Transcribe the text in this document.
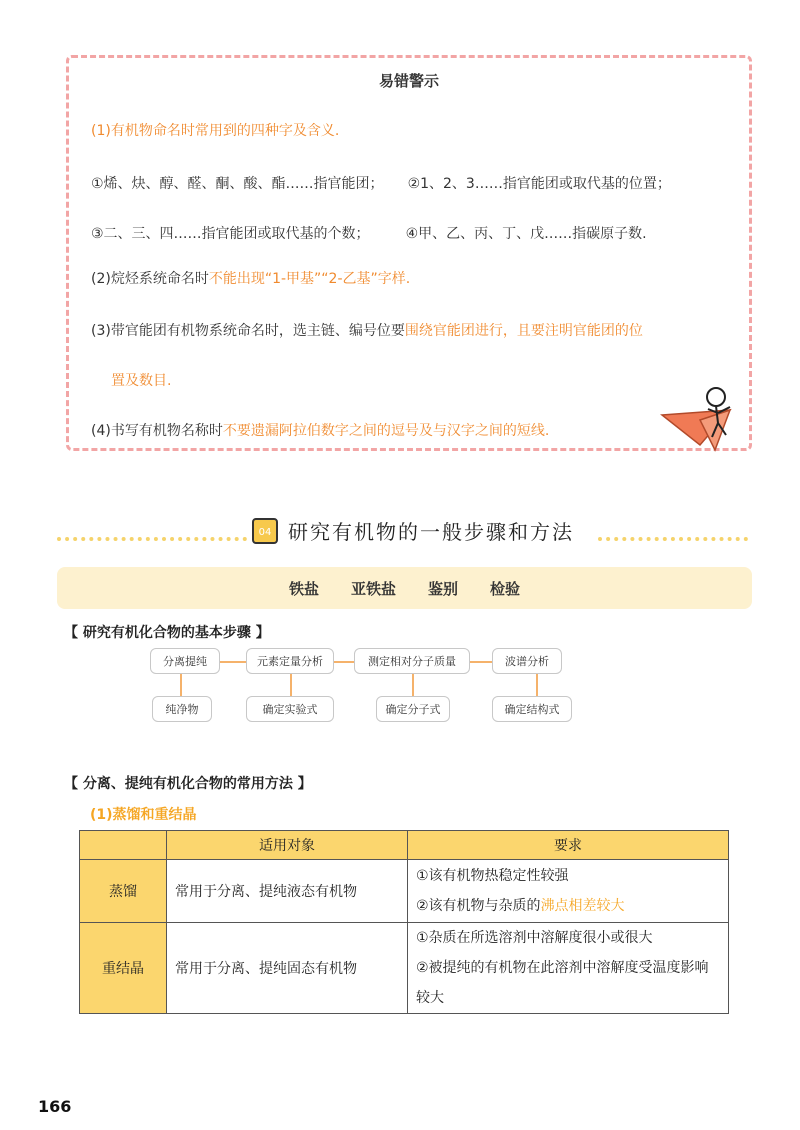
易错警示
(1)有机物命名时常用到的四种字及含义.
①烯、炔、醇、醛、酮、酸、酯……指官能团； ②1、2、3……指官能团或取代基的位置；
③二、三、四……指官能团或取代基的个数；	④甲、乙、丙、丁、戊……指碳原子数.
(2)烷烃系统命名时不能出现“1-甲基”“2-乙基”字样.
(3)带官能团有机物系统命名时，选主链、编号位要围绕官能团进行，且要注明官能团的位
置及数目.
(4)书写有机物名称时不要遗漏阿拉伯数字之间的逗号及与汉字之间的短线.
04 研究有机物的一般步骤和方法
铁盐 亚铁盐 鉴别 检验
【 研究有机化合物的基本步骤 】
分离提纯	元素定量分析	测定相对分子质量	波谱分析
纯净物	确定实验式	确定分子式	确定结构式
【 分离、提纯有机化合物的常用方法 】
(1)蒸馏和重结晶
	适用对象	要求
蒸馏	常用于分离、提纯液态有机物	①该有机物热稳定性较强
②该有机物与杂质的沸点相差较大

重结晶	常用于分离、提纯固态有机物	①杂质在所选溶剂中溶解度很小或很大
②被提纯的有机物在此溶剂中溶解度受温度影响较大
166
